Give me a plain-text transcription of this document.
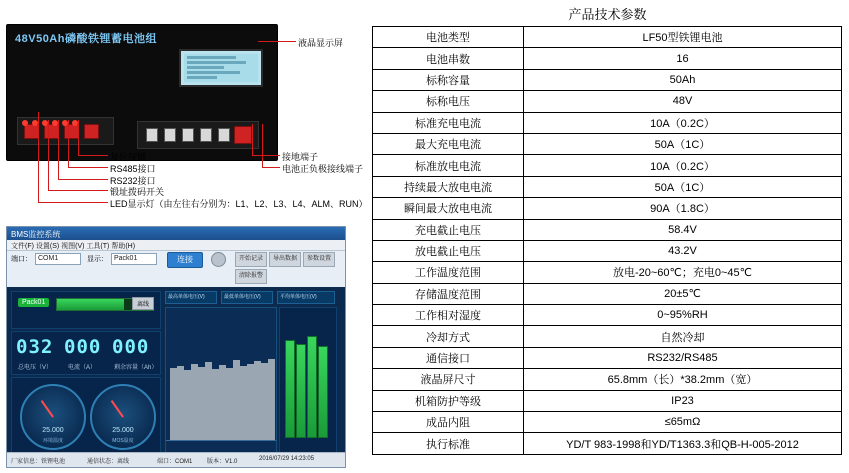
48V50Ah磷酸铁锂蓄电池组	液晶显示屏
复位按键
RS485接口
RS232接口
锻址拨码开关
LED显示灯（由左往右分别为：L1、L2、L3、L4、ALM、RUN）
接地端子
电池正负极接线端子
BMS监控系统
文件(F) 设置(S) 视图(V) 工具(T) 帮助(H)
端口： COM1	显示： Pack01	连接	开始记录	导出数据	参数设置
清除报警
Pack01	离线
032 000 000
总电压（V）	电流（A）	剩余容量（Ah）
25.000
环境温度
25.000
MOS温度
最高单体电压(V)	最低单体电压(V)	平均单体电压(V)
厂家信息：铁锂电池	通信状态：离线	端口：COM1 版本：V1.0	2016/07/29 14:23:05
产品技术参数
电池类型	LF50型铁锂电池
电池串数	16
标称容量	50Ah
标称电压	48V
标准充电电流	10A（0.2C）
最大充电电流	50A（1C）
标准放电电流	10A（0.2C）
持续最大放电电流	50A（1C）
瞬间最大放电电流	90A（1.8C）
充电截止电压	58.4V
放电截止电压	43.2V
工作温度范围	放电-20~60℃；充电0~45℃
存储温度范围	20±5℃
工作相对湿度	0~95%RH
冷却方式	自然冷却
通信接口	RS232/RS485
液晶屏尺寸	65.8mm（长）*38.2mm（宽）
机箱防护等级	IP23
成品内阻	≤65mΩ
执行标准	YD/T 983-1998和YD/T1363.3和QB-H-005-2012
